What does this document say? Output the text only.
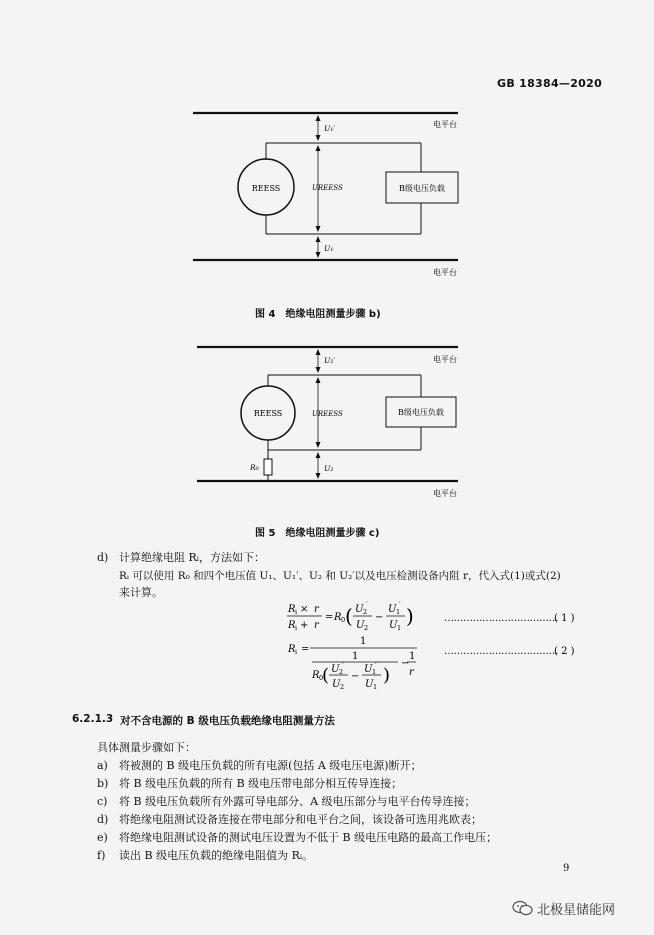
GB 18384—2020
REESS	B级电压负载
电平台
电平台
U₁′
UREESS
U₁
图 4　绝缘电阻测量步骤 b)
REESS	B级电压负载
电平台
电平台
U₂′
UREESS
U₂
R₀
图 5　绝缘电阻测量步骤 c)
d) 计算绝缘电阻 Rᵢ，方法如下：
Rᵢ 可以使用 R₀ 和四个电压值 U₁、U₁′、U₂ 和 U₂′以及电压检测设备内阻 r，代入式(1)或式(2)
来计算。
R i × r
R i + r
= R 0 ( U 2
′
U 2
−
U 1
′
U 1 )	………………………………
( 1 )
R i =
1
1
R 0
( U 2
′
U 2
−
U 1
′
U 1
)
−
1
r
………………………………
( 2 )
6.2.1.3 对不含电源的 B 级电压负载绝缘电阻测量方法
具体测量步骤如下：
a) 将被测的 B 级电压负载的所有电源(包括 A 级电压电源)断开；
b) 将 B 级电压负载的所有 B 级电压带电部分相互传导连接；
c) 将 B 级电压负载所有外露可导电部分、A 级电压部分与电平台传导连接；
d) 将绝缘电阻测试设备连接在带电部分和电平台之间，该设备可选用兆欧表；
e) 将绝缘电阻测试设备的测试电压设置为不低于 B 级电压电路的最高工作电压；
f) 读出 B 级电压负载的绝缘电阻值为 Rᵢ。
9
北极星储能网
